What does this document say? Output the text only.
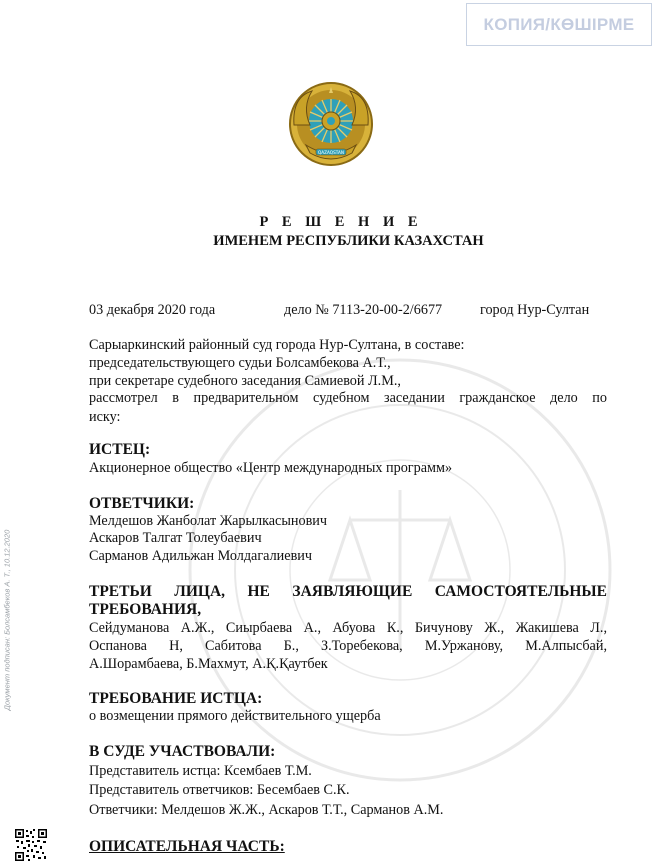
КОПИЯ/КӨШІРМЕ
QAZAQSTAN
Документ подписан: Болсамбеков А. Т., 10.12.2020
Р Е Ш Е Н И Е
ИМЕНЕМ РЕСПУБЛИКИ КАЗАХСТАН
03 декабря 2020 года	дело № 7113-20-00-2/6677	город Нур-Султан
Сарыаркинский районный суд города Нур-Султана, в составе:
председательствующего судьи Болсамбекова А.Т.,
при секретаре судебного заседания Самиевой Л.М.,
рассмотрел в предварительном судебном заседании гражданское дело по
иску:
ИСТЕЦ:
Акционерное общество «Центр международных программ»
ОТВЕТЧИКИ:
Мелдешов Жанболат Жарылкасынович
Аскаров Талгат Толеубаевич
Сарманов Адильжан Молдагалиевич
ТРЕТЬИ ЛИЦА, НЕ ЗАЯВЛЯЮЩИЕ САМОСТОЯТЕЛЬНЫЕ
ТРЕБОВАНИЯ,
Сейдуманова А.Ж., Сиырбаева А., Абуова К., Бичунову Ж., Жакишева Л.,
Оспанова Н, Сабитова Б., З.Торебекова, М.Уржанову, М.Алпысбай,
А.Шорамбаева, Б.Махмут, А.Қ.Қаутбек
ТРЕБОВАНИЕ ИСТЦА:
о возмещении прямого действительного ущерба
В СУДЕ УЧАСТВОВАЛИ:
Представитель истца: Ксембаев Т.М.
Представитель ответчиков: Бесембаев С.К.
Ответчики: Мелдешов Ж.Ж., Аскаров Т.Т., Сарманов А.М.
ОПИСАТЕЛЬНАЯ ЧАСТЬ:
